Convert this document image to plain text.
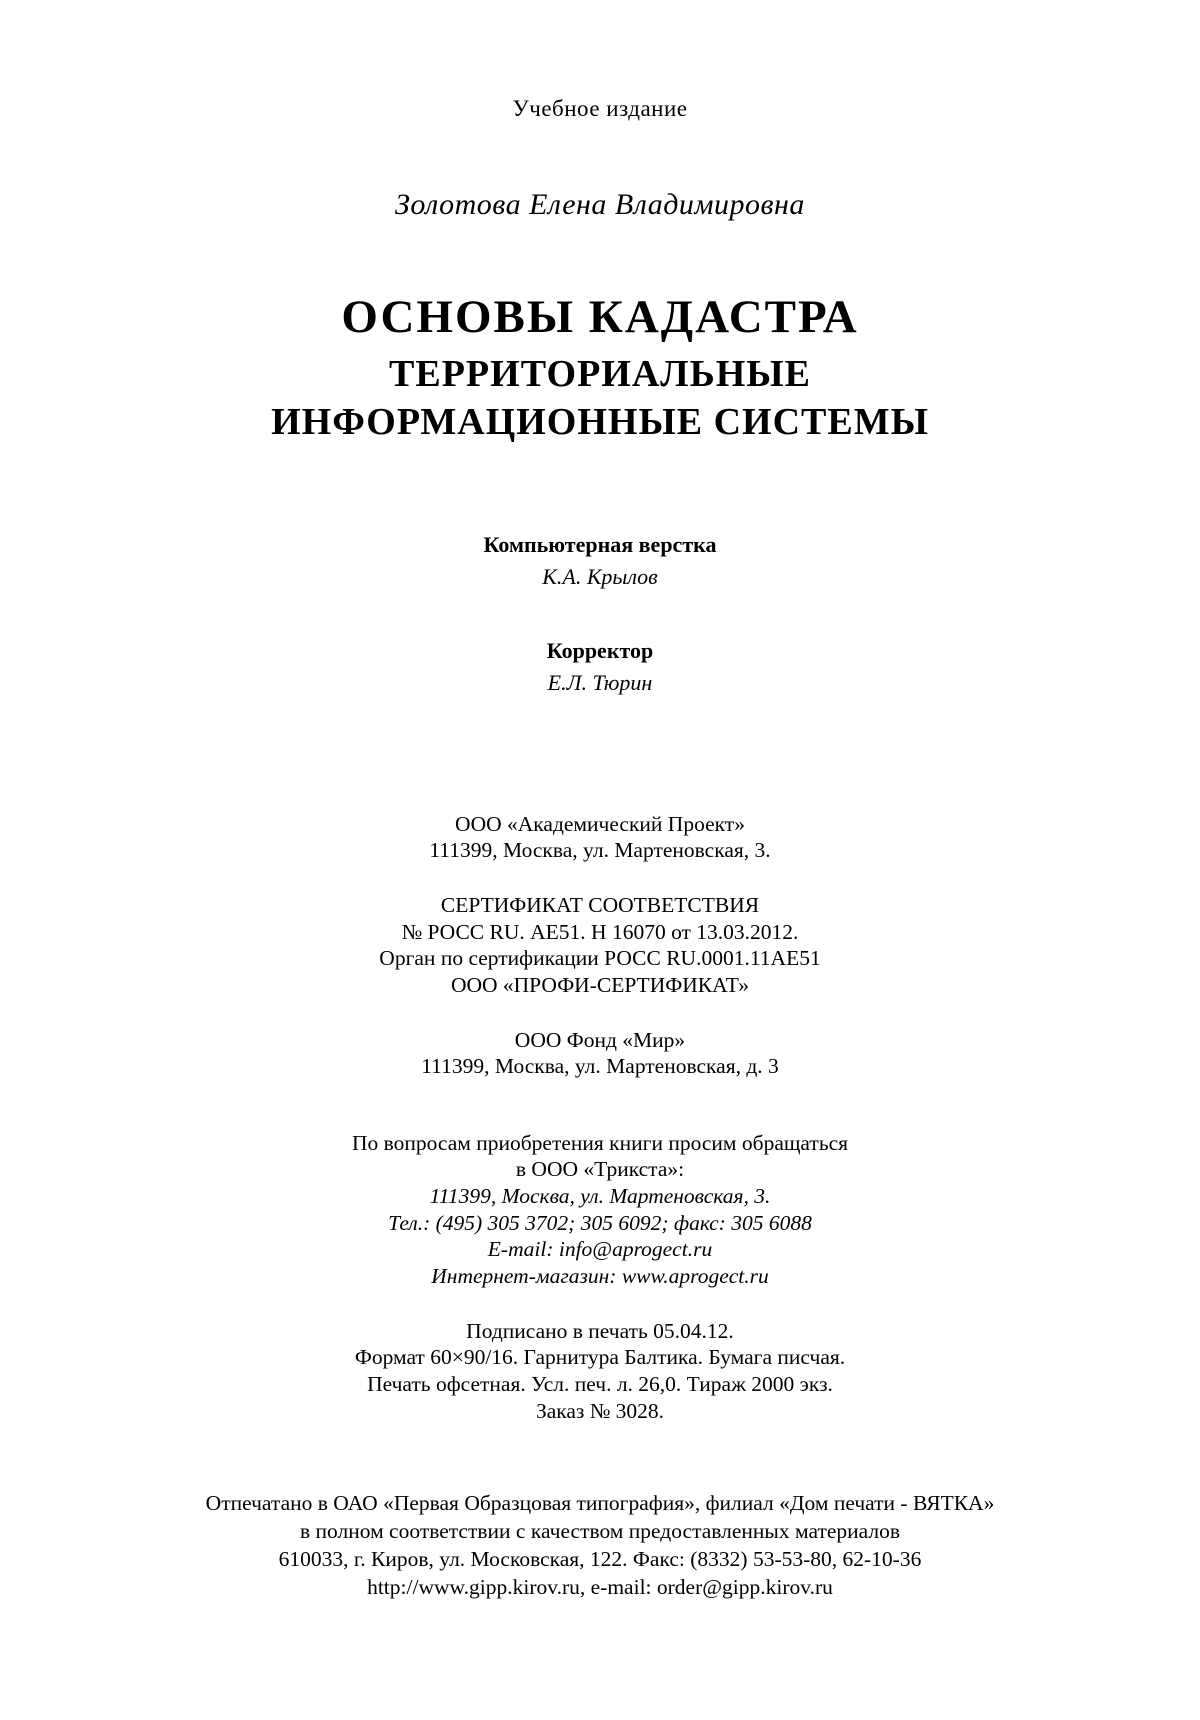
Учебное издание
Золотова Елена Владимировна
ОСНОВЫ КАДАСТРА
ТЕРРИТОРИАЛЬНЫЕ
ИНФОРМАЦИОННЫЕ СИСТЕМЫ
Компьютерная верстка
К.А. Крылов
Корректор
Е.Л. Тюрин
ООО «Академический Проект»
111399, Москва, ул. Мартеновская, 3.
СЕРТИФИКАТ СООТВЕТСТВИЯ
№ РОСС RU. АЕ51. Н 16070 от 13.03.2012.
Орган по сертификации РОСС RU.0001.11АЕ51
ООО «ПРОФИ-СЕРТИФИКАТ»
ООО Фонд «Мир»
111399, Москва, ул. Мартеновская, д. 3
По вопросам приобретения книги просим обращаться
в ООО «Трикста»:
111399, Москва, ул. Мартеновская, 3.
Тел.: (495) 305 3702; 305 6092; факс: 305 6088
E-mail: info@aprogect.ru
Интернет-магазин: www.aprogect.ru
Подписано в печать 05.04.12.
Формат 60×90/16. Гарнитура Балтика. Бумага писчая.
Печать офсетная. Усл. печ. л. 26,0. Тираж 2000 экз.
Заказ № 3028.
Отпечатано в ОАО «Первая Образцовая типография», филиал «Дом печати - ВЯТКА»
в полном соответствии с качеством предоставленных материалов
610033, г. Киров, ул. Московская, 122. Факс: (8332) 53-53-80, 62-10-36
http://www.gipp.kirov.ru, e-mail: order@gipp.kirov.ru
